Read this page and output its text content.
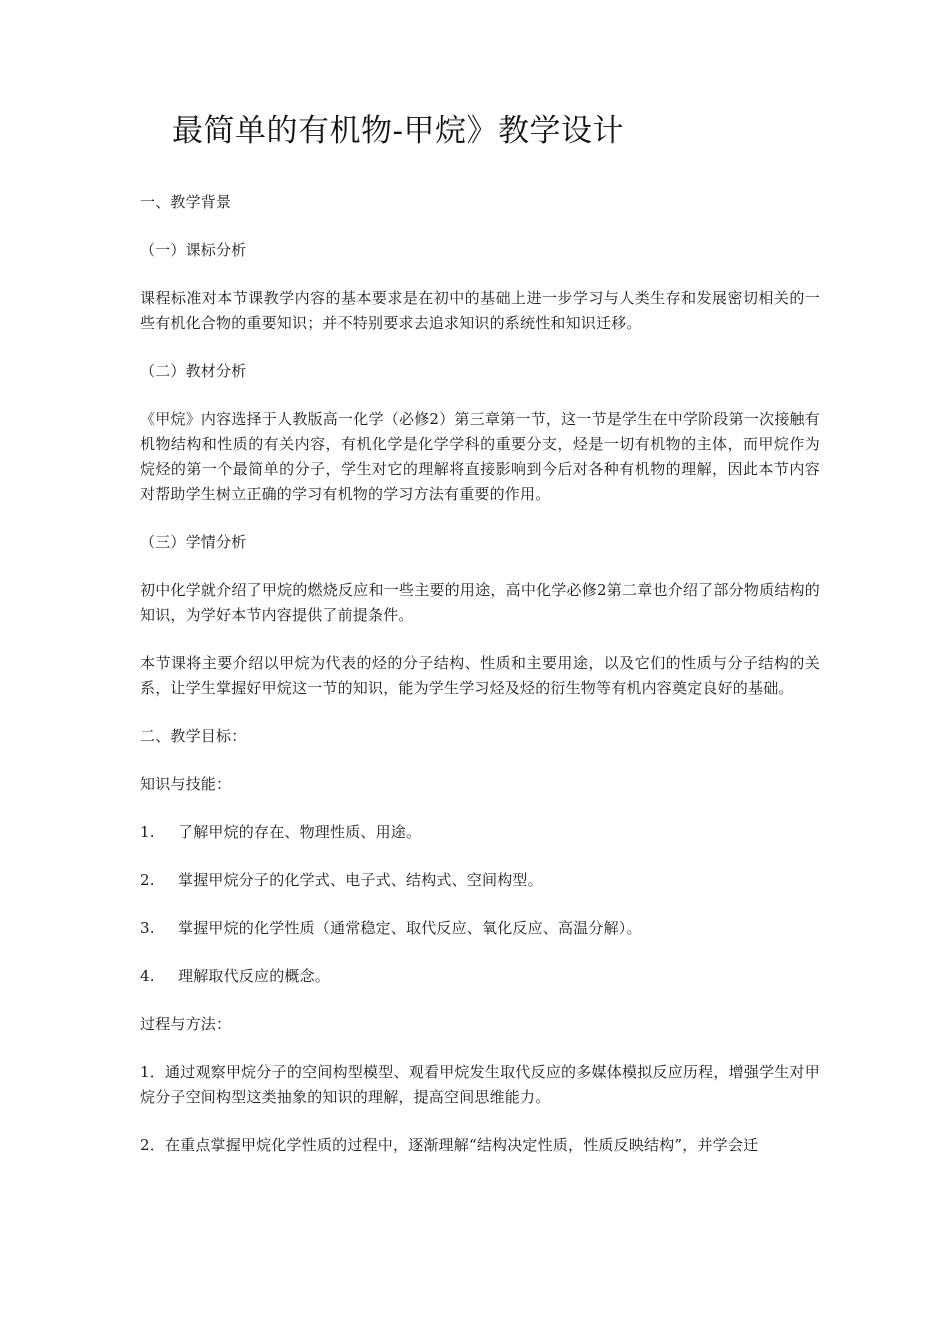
最简单的有机物-甲烷》教学设计

一、教学背景

（一）课标分析

课程标准对本节课教学内容的基本要求是在初中的基础上进一步学习与人类生存和发展密切相关的一些有机化合物的重要知识；并不特别要求去追求知识的系统性和知识迁移。

（二）教材分析

《甲烷》内容选择于人教版高一化学（必修2）第三章第一节，这一节是学生在中学阶段第一次接触有机物结构和性质的有关内容，有机化学是化学学科的重要分支，烃是一切有机物的主体，而甲烷作为烷烃的第一个最简单的分子，学生对它的理解将直接影响到今后对各种有机物的理解，因此本节内容对帮助学生树立正确的学习有机物的学习方法有重要的作用。

（三）学情分析

初中化学就介绍了甲烷的燃烧反应和一些主要的用途，高中化学必修2第二章也介绍了部分物质结构的知识，为学好本节内容提供了前提条件。

本节课将主要介绍以甲烷为代表的烃的分子结构、性质和主要用途，以及它们的性质与分子结构的关系，让学生掌握好甲烷这一节的知识，能为学生学习烃及烃的衍生物等有机内容奠定良好的基础。

二、教学目标：

知识与技能：

1. 了解甲烷的存在、物理性质、用途。

2. 掌握甲烷分子的化学式、电子式、结构式、空间构型。

3. 掌握甲烷的化学性质（通常稳定、取代反应、氧化反应、高温分解）。

4. 理解取代反应的概念。

过程与方法：

1．通过观察甲烷分子的空间构型模型、观看甲烷发生取代反应的多媒体模拟反应历程，增强学生对甲烷分子空间构型这类抽象的知识的理解，提高空间思维能力。

2．在重点掌握甲烷化学性质的过程中，逐渐理解“结构决定性质，性质反映结构”，并学会迁
